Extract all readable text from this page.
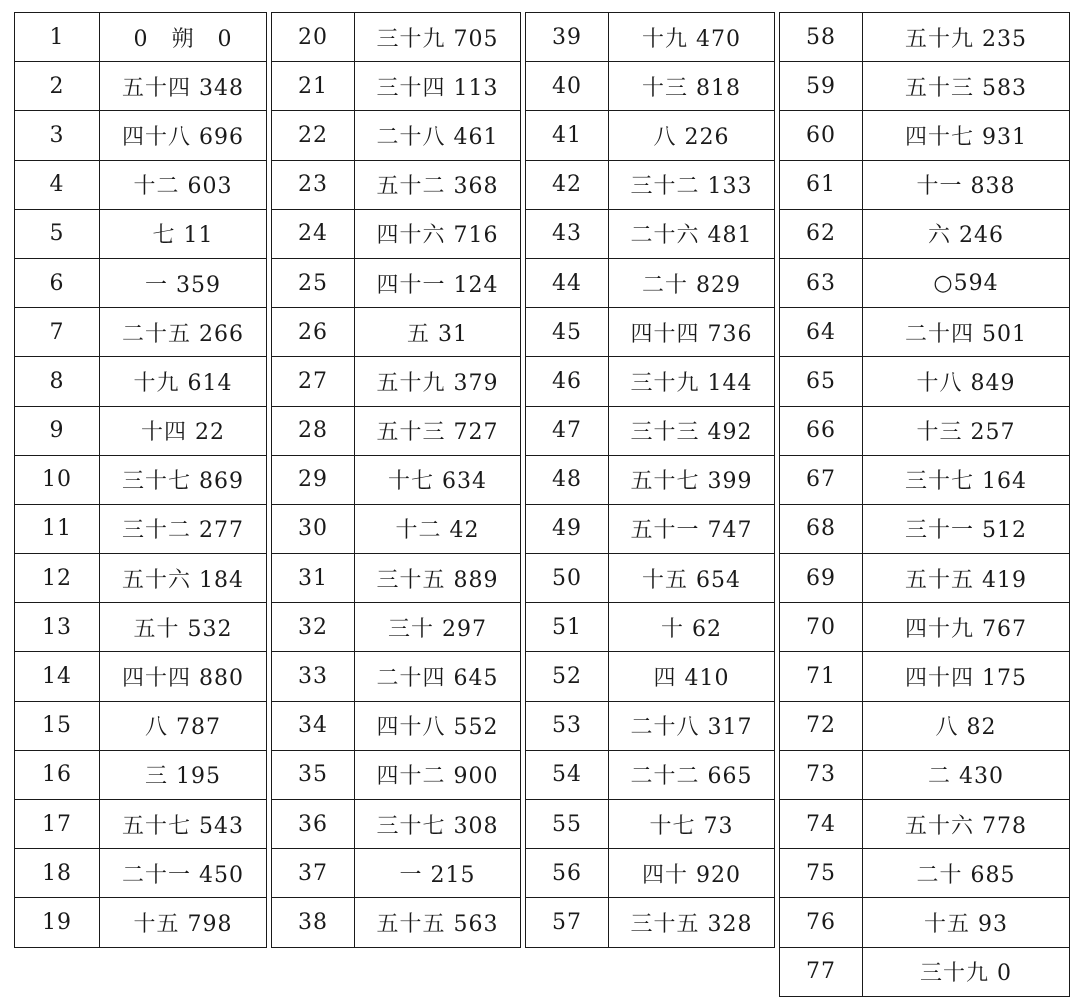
1	0　朔　0
2	五十四 348
3	四十八 696
4	十二 603
5	七 11
6	一 359
7	二十五 266
8	十九 614
9	十四 22
10	三十七 869
11	三十二 277
12	五十六 184
13	五十 532
14	四十四 880
15	八 787
16	三 195
17	五十七 543
18	二十一 450
19	十五 798
20	三十九 705
21	三十四 113
22	二十八 461
23	五十二 368
24	四十六 716
25	四十一 124
26	五 31
27	五十九 379
28	五十三 727
29	十七 634
30	十二 42
31	三十五 889
32	三十 297
33	二十四 645
34	四十八 552
35	四十二 900
36	三十七 308
37	一 215
38	五十五 563
39	十九 470
40	十三 818
41	八 226
42	三十二 133
43	二十六 481
44	二十 829
45	四十四 736
46	三十九 144
47	三十三 492
48	五十七 399
49	五十一 747
50	十五 654
51	十 62
52	四 410
53	二十八 317
54	二十二 665
55	十七 73
56	四十 920
57	三十五 328
58	五十九 235
59	五十三 583
60	四十七 931
61	十一 838
62	六 246
63	○594
64	二十四 501
65	十八 849
66	十三 257
67	三十七 164
68	三十一 512
69	五十五 419
70	四十九 767
71	四十四 175
72	八 82
73	二 430
74	五十六 778
75	二十 685
76	十五 93
77	三十九 0
